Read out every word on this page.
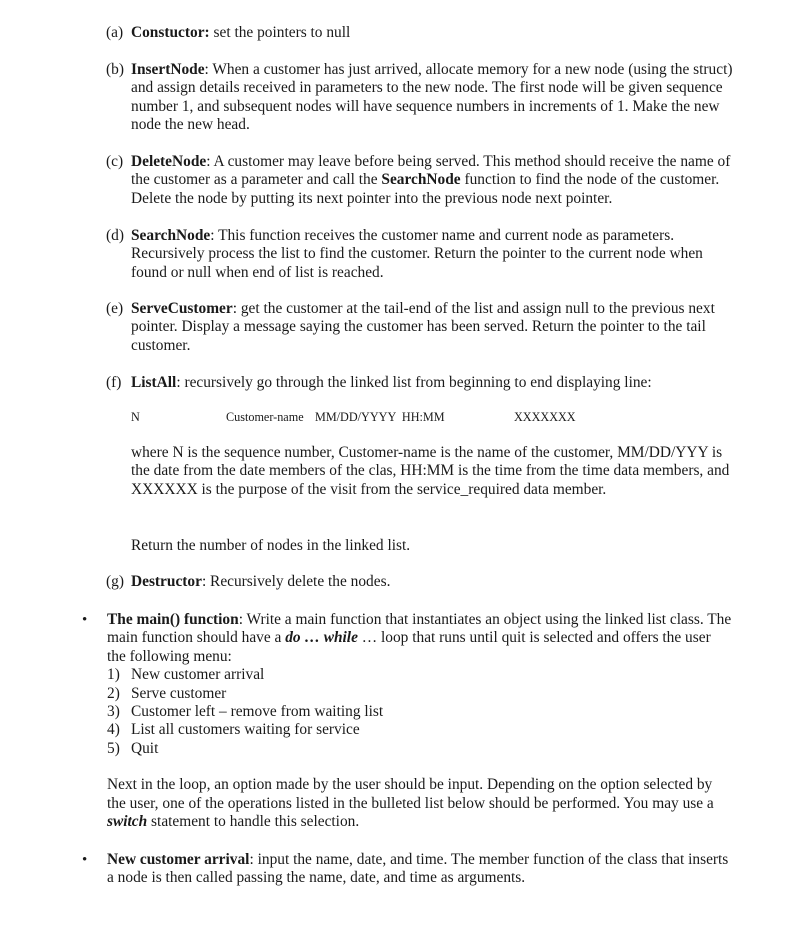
(a) Constuctor: set the pointers to null
(b) InsertNode: When a customer has just arrived, allocate memory for a new node (using the struct) and assign details received in parameters to the new node. The first node will be given sequence number 1, and subsequent nodes will have sequence numbers in increments of 1. Make the new node the new head.
(c) DeleteNode: A customer may leave before being served. This method should receive the name of the customer as a parameter and call the SearchNode function to find the node of the customer. Delete the node by putting its next pointer into the previous node next pointer.
(d) SearchNode: This function receives the customer name and current node as parameters. Recursively process the list to find the customer. Return the pointer to the current node when found or null when end of list is reached.
(e) ServeCustomer: get the customer at the tail-end of the list and assign null to the previous next pointer. Display a message saying the customer has been served. Return the pointer to the tail customer.
(f) ListAll: recursively go through the linked list from beginning to end displaying line:
N	Customer-name MM/DD/YYYY  HH:MM	XXXXXXX

where N is the sequence number, Customer-name is the name of the customer, MM/DD/YYY is the date from the date members of the clas, HH:MM is the time from the time data members, and XXXXXX is the purpose of the visit from the service_required data member.

Return the number of nodes in the linked list.

(g) Destructor: Recursively delete the nodes.
•	The main() function: Write a main function that instantiates an object using the linked list class. The main function should have a do … while … loop that runs until quit is selected and offers the user the following menu:

1) New customer arrival
2) Serve customer
3) Customer left – remove from waiting list
4) List all customers waiting for service
5) Quit

Next in the loop, an option made by the user should be input. Depending on the option selected by the user, one of the operations listed in the bulleted list below should be performed. You may use a switch statement to handle this selection.

•	New customer arrival: input the name, date, and time. The member function of the class that inserts a node is then called passing the name, date, and time as arguments.
